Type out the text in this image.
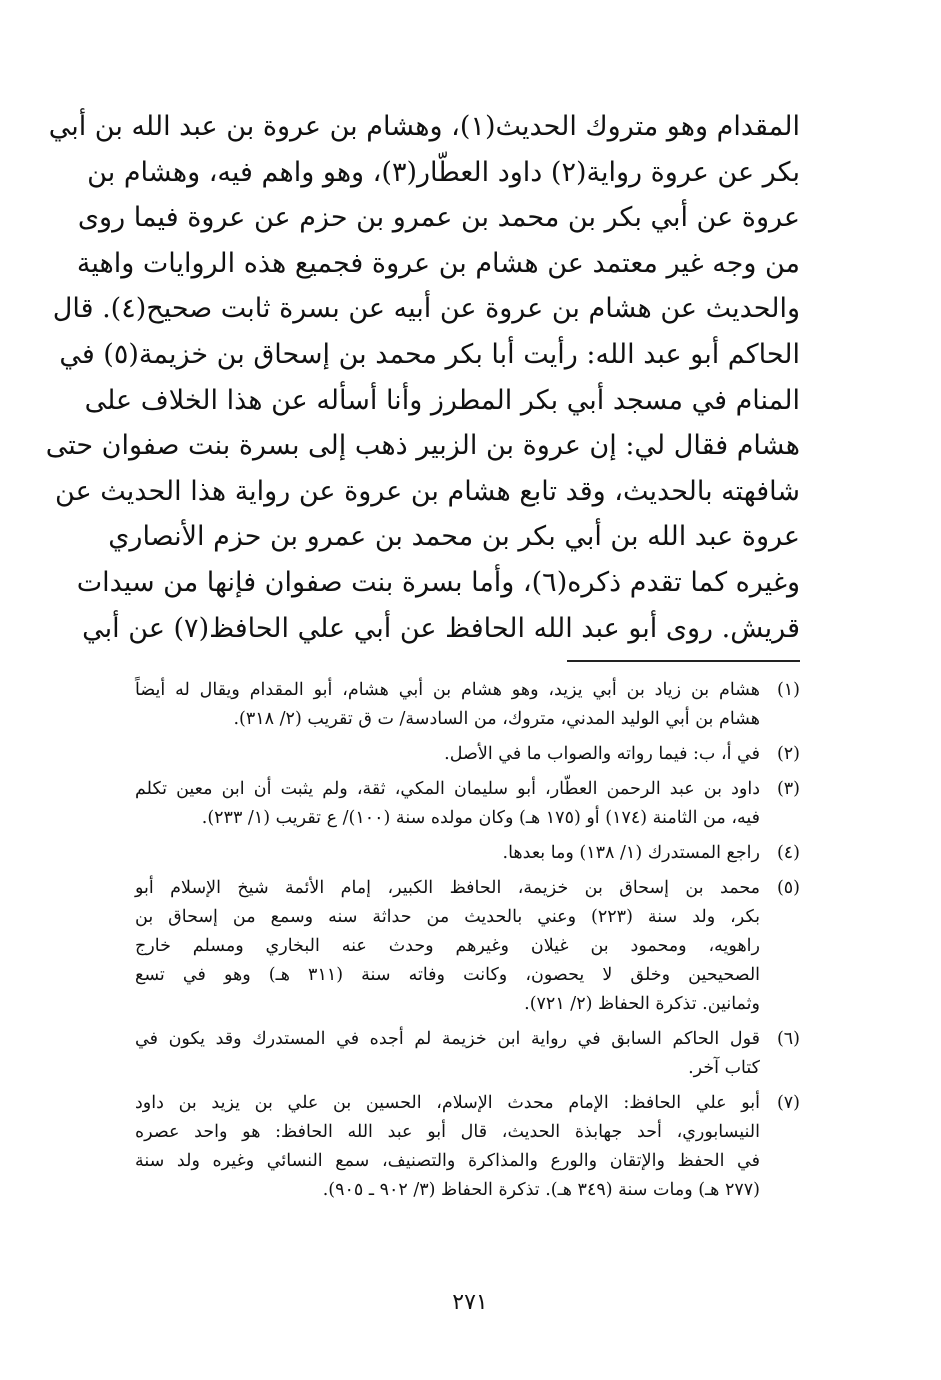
المقدام وهو متروك الحديث(١)، وهشام بن عروة بن عبد الله بن أبي
بكر عن عروة رواية(٢) داود العطّار(٣)، وهو واهم فيه، وهشام بن
عروة عن أبي بكر بن محمد بن عمرو بن حزم عن عروة فيما روى
من وجه غير معتمد عن هشام بن عروة فجميع هذه الروايات واهية
والحديث عن هشام بن عروة عن أبيه عن بسرة ثابت صحيح(٤). قال
الحاكم أبو عبد الله: رأيت أبا بكر محمد بن إسحاق بن خزيمة(٥) في
المنام في مسجد أبي بكر المطرز وأنا أسأله عن هذا الخلاف على
هشام فقال لي: إن عروة بن الزبير ذهب إلى بسرة بنت صفوان حتى
شافهته بالحديث، وقد تابع هشام بن عروة عن رواية هذا الحديث عن
عروة عبد الله بن أبي بكر بن محمد بن عمرو بن حزم الأنصاري
وغيره كما تقدم ذكره(٦)، وأما بسرة بنت صفوان فإنها من سيدات
قريش. روى أبو عبد الله الحافظ عن أبي علي الحافظ(٧) عن أبي
(١)
هشام بن زياد بن أبي يزيد، وهو هشام بن أبي هشام، أبو المقدام ويقال له أيضاً
هشام بن أبي الوليد المدني، متروك، من السادسة/ ت ق تقريب (٢/ ٣١٨).
(٢)
في أ، ب: فيما رواته والصواب ما في الأصل.
(٣)
داود بن عبد الرحمن العطّار، أبو سليمان المكي، ثقة، ولم يثبت أن ابن معين تكلم
فيه، من الثامنة (١٧٤) أو (١٧٥ هـ) وكان مولده سنة (١٠٠)/ ع تقريب (١/ ٢٣٣).
(٤)
راجع المستدرك (١/ ١٣٨) وما بعدها.
(٥)
محمد بن إسحاق بن خزيمة، الحافظ الكبير، إمام الأئمة شيخ الإسلام أبو
بكر، ولد سنة (٢٢٣) وعني بالحديث من حداثة سنه وسمع من إسحاق بن
راهويه، ومحمود بن غيلان وغيرهم وحدث عنه البخاري ومسلم خارج
الصحيحين وخلق لا يحصون، وكانت وفاته سنة (٣١١ هـ) وهو في تسع
وثمانين. تذكرة الحفاظ (٢/ ٧٢١).
(٦)
قول الحاكم السابق في رواية ابن خزيمة لم أجده في المستدرك وقد يكون في
كتاب آخر.
(٧)
أبو علي الحافظ: الإمام محدث الإسلام، الحسين بن علي بن يزيد بن داود
النيسابوري، أحد جهابذة الحديث، قال أبو عبد الله الحافظ: هو واحد عصره
في الحفظ والإتقان والورع والمذاكرة والتصنيف، سمع النسائي وغيره ولد سنة
(٢٧٧ هـ) ومات سنة (٣٤٩ هـ). تذكرة الحفاظ (٣/ ٩٠٢ ـ ٩٠٥).
٢٧١
